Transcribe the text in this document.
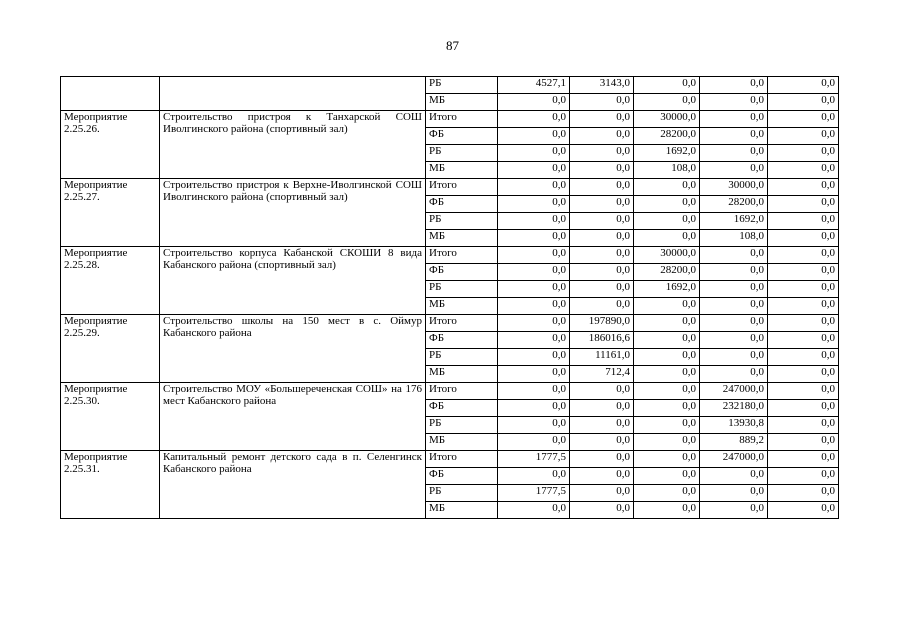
87
		РБ	4527,1	3143,0	0,0	0,0	0,0
		МБ	0,0	0,0	0,0	0,0	0,0
Мероприятие 2.25.26.	Строительство пристроя к Танхарской СОШ Иволгинского района (спортивный зал)	Итого	0,0	0,0	30000,0	0,0	0,0
		ФБ	0,0	0,0	28200,0	0,0	0,0
		РБ	0,0	0,0	1692,0	0,0	0,0
		МБ	0,0	0,0	108,0	0,0	0,0
Мероприятие 2.25.27.	Строительство пристроя к Верхне-Иволгинской СОШ Иволгинского района (спортивный зал)	Итого	0,0	0,0	0,0	30000,0	0,0
		ФБ	0,0	0,0	0,0	28200,0	0,0
		РБ	0,0	0,0	0,0	1692,0	0,0
		МБ	0,0	0,0	0,0	108,0	0,0
Мероприятие 2.25.28.	Строительство корпуса Кабанской СКОШИ 8 вида Кабанского района (спортивный зал)	Итого	0,0	0,0	30000,0	0,0	0,0
		ФБ	0,0	0,0	28200,0	0,0	0,0
		РБ	0,0	0,0	1692,0	0,0	0,0
		МБ	0,0	0,0	0,0	0,0	0,0
Мероприятие 2.25.29.	Строительство школы на 150 мест в с. Оймур Кабанского района	Итого	0,0	197890,0	0,0	0,0	0,0
		ФБ	0,0	186016,6	0,0	0,0	0,0
		РБ	0,0	11161,0	0,0	0,0	0,0
		МБ	0,0	712,4	0,0	0,0	0,0
Мероприятие 2.25.30.	Строительство МОУ «Большереченская СОШ» на 176 мест Кабанского района	Итого	0,0	0,0	0,0	247000,0	0,0
		ФБ	0,0	0,0	0,0	232180,0	0,0
		РБ	0,0	0,0	0,0	13930,8	0,0
		МБ	0,0	0,0	0,0	889,2	0,0
Мероприятие 2.25.31.	Капитальный ремонт детского сада в п. Селенгинск Кабанского района	Итого	1777,5	0,0	0,0	247000,0	0,0
		ФБ	0,0	0,0	0,0	0,0	0,0
		РБ	1777,5	0,0	0,0	0,0	0,0
		МБ	0,0	0,0	0,0	0,0	0,0
